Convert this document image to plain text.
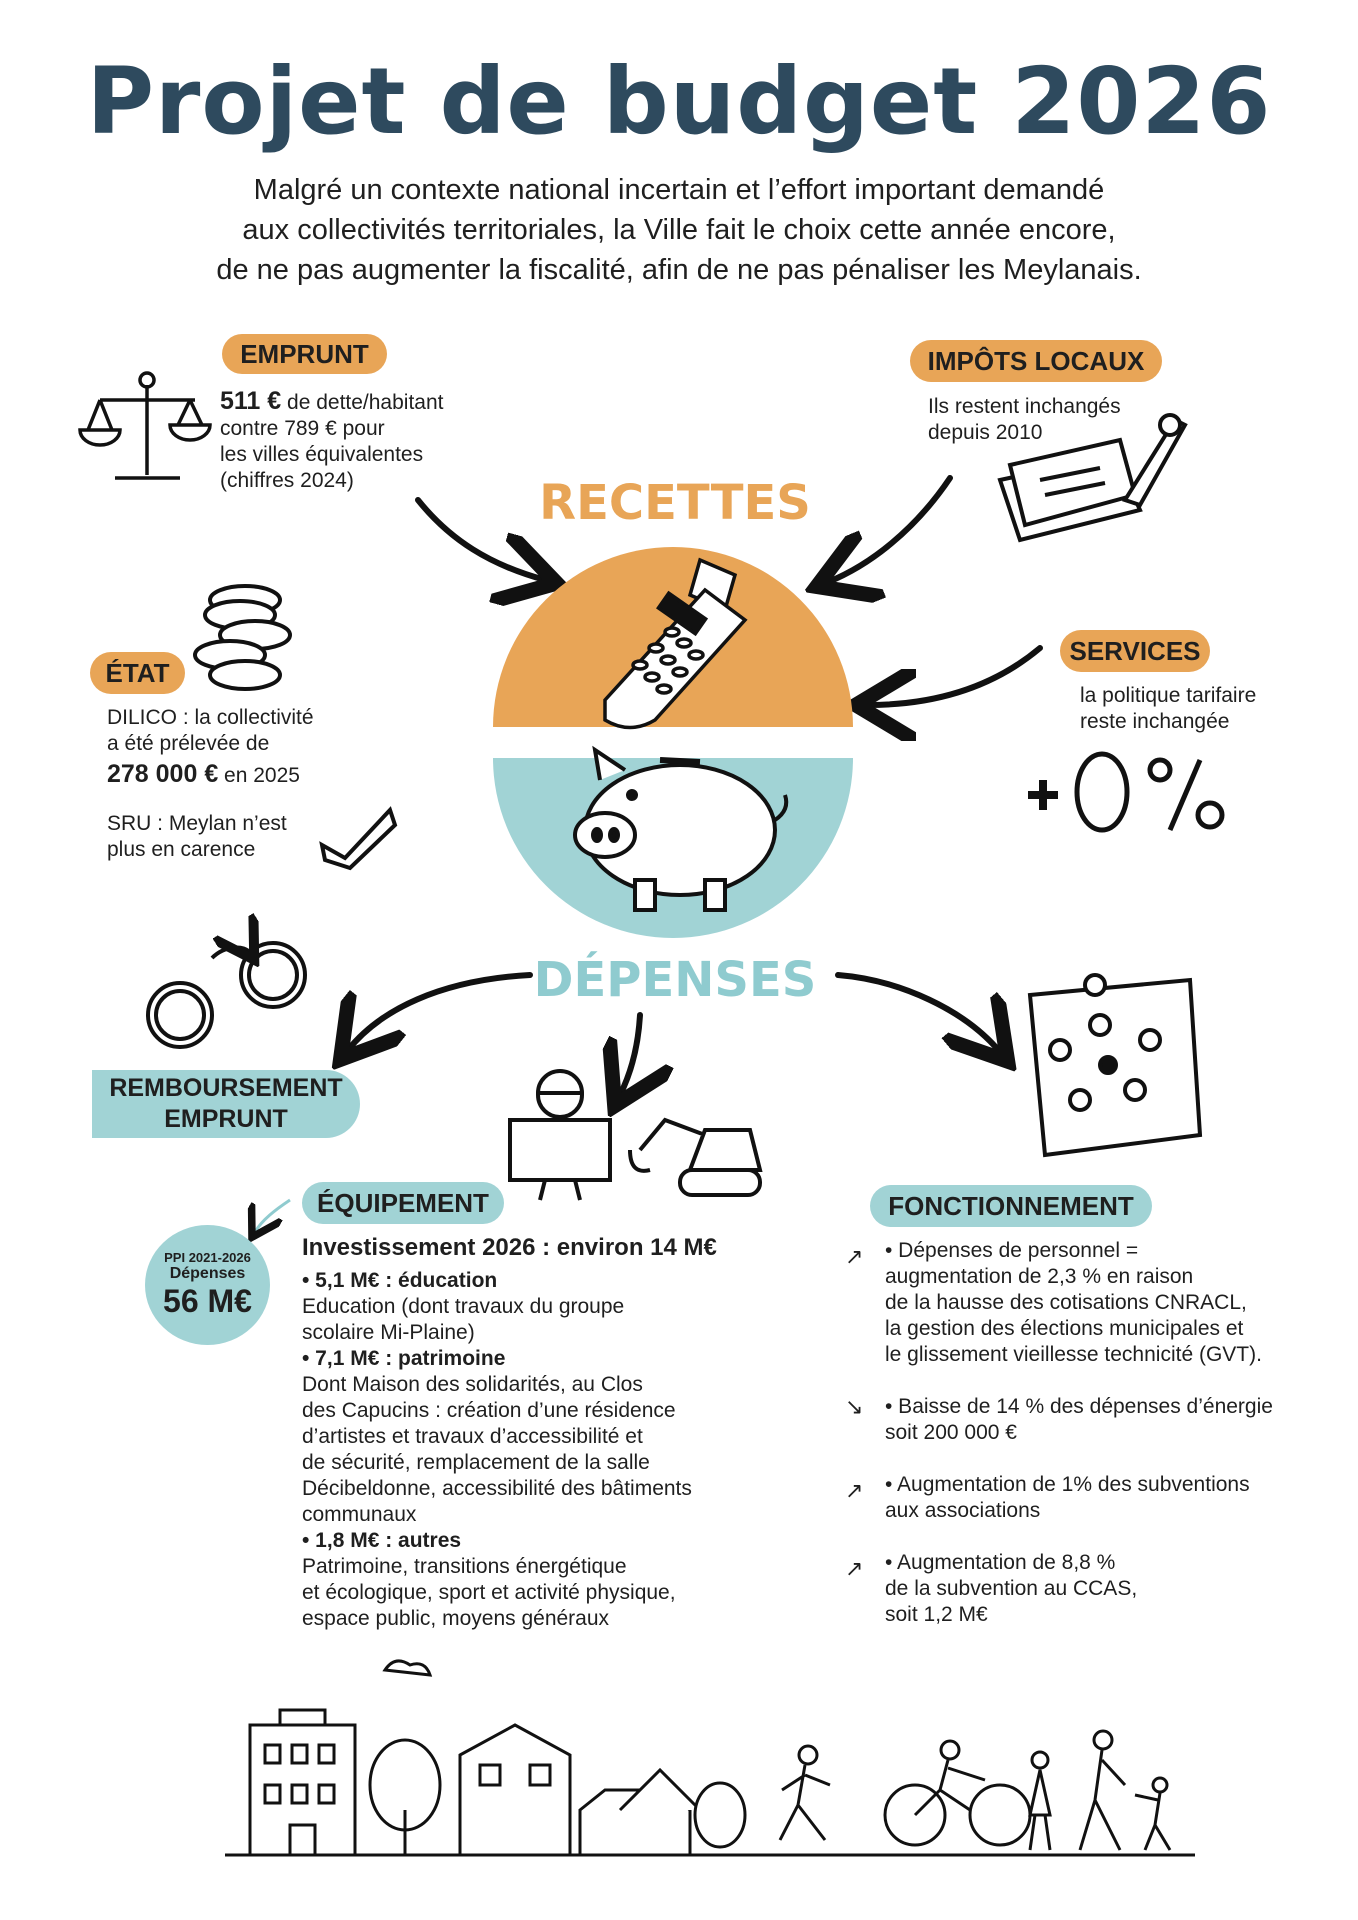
Projet de budget 2026
Malgré un contexte national incertain et l’effort important demandé
aux collectivités territoriales, la Ville fait le choix cette année encore,
de ne pas augmenter la fiscalité, afin de ne pas pénaliser les Meylanais.
RECETTES
DÉPENSES
EMPRUNT
511 € de dette/habitant
contre 789 € pour
les villes équivalentes
(chiffres 2024)
IMPÔTS LOCAUX
Ils restent inchangés
depuis 2010
ÉTAT
DILICO : la collectivité
a été prélevée de
278 000 € en 2025
SRU : Meylan n’est
plus en carence
SERVICES
la politique tarifaire
reste inchangée
REMBOURSEMENT
EMPRUNT
PPI 2021-2026
Dépenses
56 M€
ÉQUIPEMENT
Investissement 2026 : environ 14 M€
• 5,1 M€ : éducation
Education (dont travaux du groupe
scolaire Mi-Plaine)
• 7,1 M€ : patrimoine
Dont Maison des solidarités, au Clos
des Capucins : création d’une résidence
d’artistes et travaux d’accessibilité et
de sécurité, remplacement de la salle
Décibeldonne, accessibilité des bâtiments
communaux
• 1,8 M€ : autres
Patrimoine, transitions énergétique
et écologique, sport et activité physique,
espace public, moyens généraux
FONCTIONNEMENT
↗ • Dépenses de personnel =
augmentation de 2,3 % en raison
de la hausse des cotisations CNRACL,
la gestion des élections municipales et
le glissement vieillesse technicité (GVT).
↘ • Baisse de 14 % des dépenses d’énergie
soit 200 000 €
↗ • Augmentation de 1% des subventions
aux associations
↗ • Augmentation de 8,8 %
de la subvention au CCAS,
soit 1,2 M€
